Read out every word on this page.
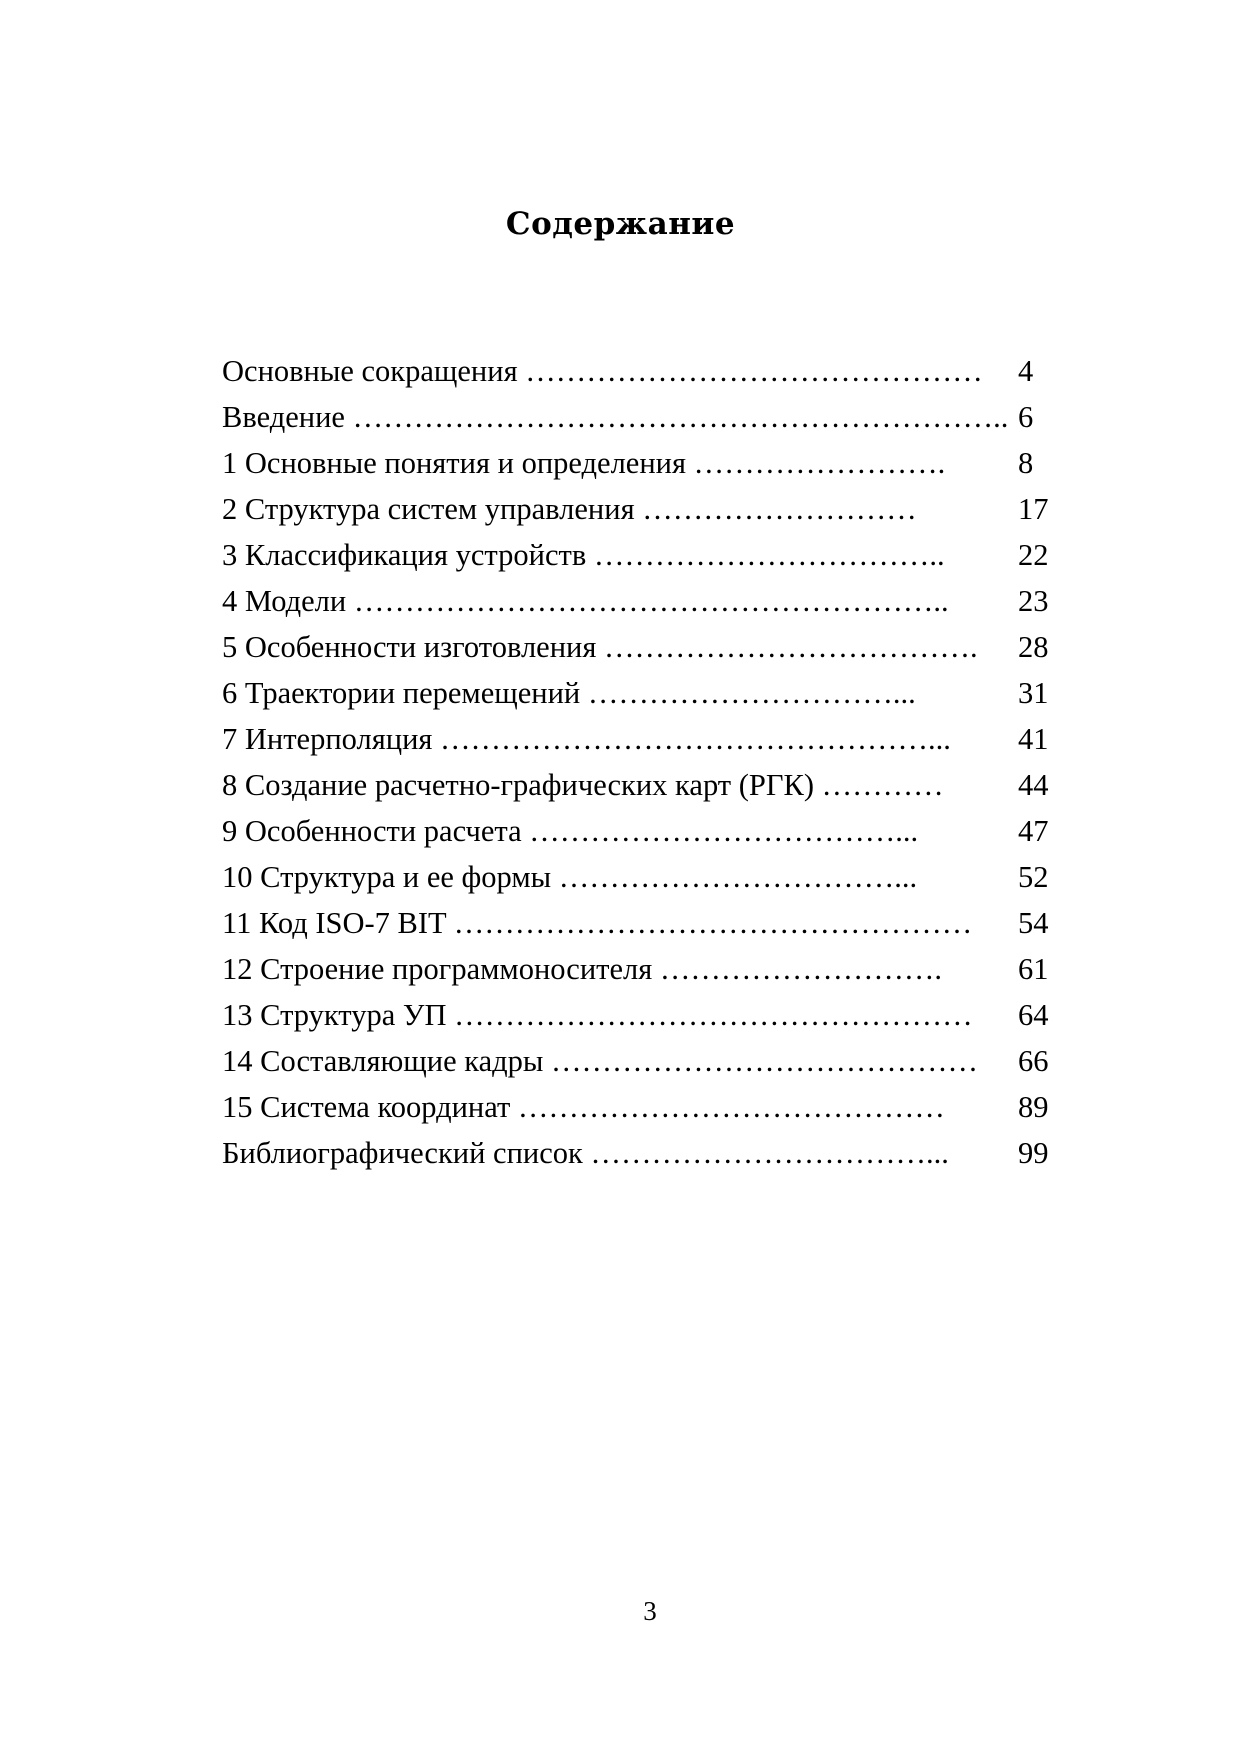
Содержание
Основные сокращения ………………………………………	4
Введение ……………………………………………………….. 6
1 Основные понятия и определения …………………….	8
2 Структура систем управления ………………………	17
3 Классификация устройств ……………………………..	22
4 Модели …………………………………………………..	23
5 Особенности изготовления ……………………………….	28
6 Траектории перемещений …………………………...	31
7 Интерполяция …………………………………………...	41
8 Создание расчетно-графических карт (РГК) …………	44
9 Особенности расчета ………………………………...	47
10 Структура и ее формы ……………………………...	52
11 Код ISO-7 BIT ……………………………………………	54
12 Строение программоносителя ……………………….	61
13 Структура УП ……………………………………………	64
14 Составляющие кадры ……………………………………	66
15 Система координат ……………………………………	89
Библиографический список ……………………………...	99

3
